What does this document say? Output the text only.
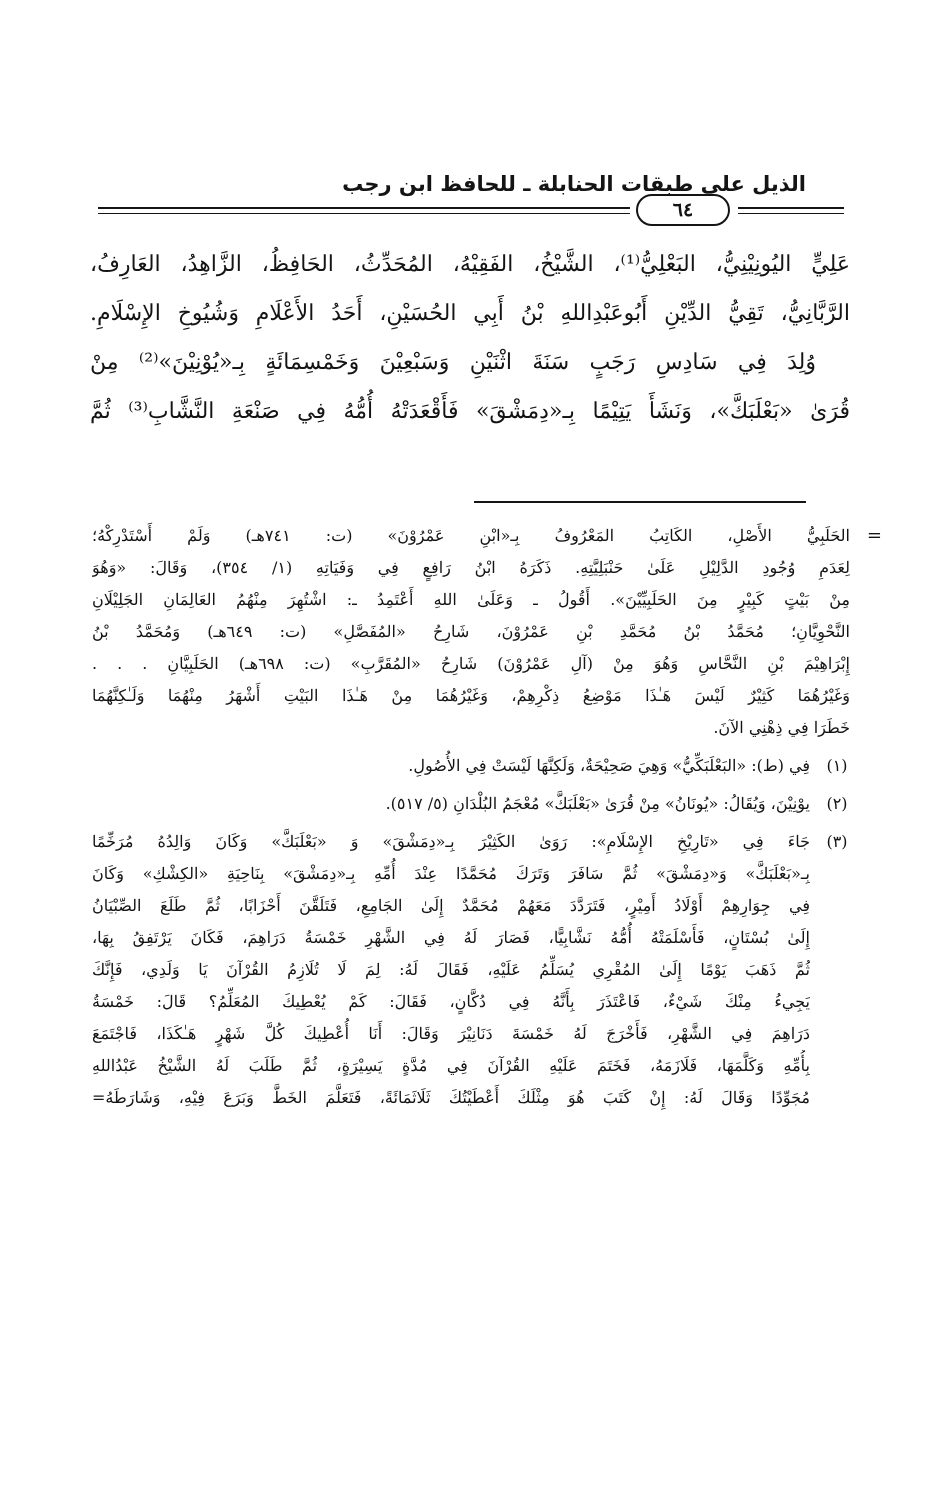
الذيل على طبقات الحنابلة ـ للحافظ ابن رجب
٦٤
عَلِيٍّ اليُونِيْنِيُّ، البَعْلِيُّ⁽¹⁾، الشَّيْخُ، الفَقِيْهُ، المُحَدِّثُ، الحَافِظُ، الزَّاهِدُ، العَارِفُ،
الرَّبَّانِيُّ، تَقِيُّ الدِّيْنِ أَبُوعَبْدِاللهِ بْنُ أَبِي الحُسَيْنِ، أَحَدُ الأَعْلَامِ وَشُيُوخِ الإِسْلَامِ.
وُلِدَ فِي سَادِسِ رَجَبٍ سَنَةَ اثْنَيْنِ وَسَبْعِيْنَ وَخَمْسِمَائَةٍ بِـ«يُوْنِيْنَ»⁽²⁾ مِنْ
قُرَىٰ «بَعْلَبَكَّ»، وَنَشَأَ يَتِيْمًا بِـ«دِمَشْقَ» فَأَقْعَدَتْهُ أُمُّهُ فِي صَنْعَةِ النَّشَّابِ⁽³⁾ ثُمَّ
=
الحَلَبِيُّ الأَصْلِ، الكَاتِبُ المَعْرُوفُ بِـ«ابْنِ عَمْرُوْنَ» (ت: ٧٤١هـ) وَلَمْ أَسْتَدْرِكْهُ؛
لِعَدَمِ وُجُودِ الدَّلِيْلِ عَلَىٰ حَنْبَلِيَّتِهِ. ذَكَرَهُ ابْنُ رَافِعٍ فِي وَفَيَاتِهِ (١/ ٣٥٤)، وَقَالَ: «وَهُوَ
مِنْ بَيْتٍ كَبِيْرٍ مِنَ الحَلَبِيِّيْنَ». أَقُولُ ـ وَعَلَىٰ اللهِ أَعْتَمِدُ ـ: اشْتُهِرَ مِنْهُمُ العَالِمَانِ الجَلِيْلَانِ
النَّحْوِيَّانِ؛ مُحَمَّدُ بْنُ مُحَمَّدِ بْنِ عَمْرُوْنَ، شَارِحُ «المُفَصَّلِ» (ت: ٦٤٩هـ) وَمُحَمَّدُ بْنُ
إِبْرَاهِيْمَ بْنِ النَّحَّاسِ وَهُوَ مِنْ (آلِ عَمْرُوْنَ) شَارِحُ «المُقَرَّبِ» (ت: ٦٩٨هـ) الحَلَبِيَّانِ . . .
وَغَيْرُهُمَا كَثِيْرٌ لَيْسَ هَـٰذَا مَوْضِعُ ذِكْرِهِمْ، وَغَيْرُهُمَا مِنْ هَـٰذَا البَيْتِ أَشْهَرُ مِنْهُمَا وَلَـٰكِنَّهُمَا
خَطَرَا فِي ذِهْنِي الآنَ.
(١)
فِي (ط): «البَعْلَبَكِّيُّ» وَهِيَ صَحِيْحَةٌ، وَلَكِنَّهَا لَيْسَتْ فِي الأُصُولِ.
(٢)
يوْنِيْنَ، وَيُقَالُ: «يُونَانُ» مِنْ قُرَىٰ «بَعْلَبَكَّ» مُعْجَمُ البُلْدَانِ (٥/ ٥١٧).
(٣)
جَاءَ فِي «تَارِيْخِ الإِسْلَامِ»: رَوَىٰ الكَثِيْرَ بِـ«دِمَشْقَ» وَ «بَعْلَبَكَّ» وَكَانَ وَالِدُهُ مُرَخِّمًا
بِـ«بَعْلَبَكَّ» وَ«دِمَشْقَ» ثُمَّ سَافَرَ وَتَرَكَ مُحَمَّدًا عِنْدَ أُمِّهِ بِـ«دِمَشْقَ» بِنَاحِيَةِ «الكِشْكِ» وَكَانَ
فِي جِوَارِهِمْ أَوْلَادُ أَمِيْرٍ، فَتَرَدَّدَ مَعَهُمْ مُحَمَّدٌ إِلَىٰ الجَامِعِ، فَتَلَقَّنَ أَحْزَابًا، ثُمَّ طَلَعَ الصِّبْيَانُ
إِلَىٰ بُسْتَانٍ، فَأَسْلَمَتْهُ أُمُّهُ نَشَّابِيًّا، فَصَارَ لَهُ فِي الشَّهْرِ خَمْسَةُ دَرَاهِمَ، فَكَانَ يَرْتَفِقُ بِهَا،
ثُمَّ ذَهَبَ يَوْمًا إِلَىٰ المُقْرِي يُسَلِّمُ عَلَيْهِ، فَقَالَ لَهُ: لِمَ لَا تُلَازِمُ القُرْآنَ يَا وَلَدِي، فَإِنَّكَ
يَجِيءُ مِنْكَ شَيْءٌ، فَاعْتَذَرَ بِأَنَّهُ فِي دُكَّانٍ، فَقَالَ: كَمْ يُعْطِيكَ المُعَلِّمُ؟ قَالَ: خَمْسَةُ
دَرَاهِمَ فِي الشَّهْرِ، فَأَخْرَجَ لَهُ خَمْسَةَ دَنَانِيْرَ وَقَالَ: أَنَا أُعْطِيكَ كُلَّ شَهْرٍ هَـٰكَذَا، فَاجْتَمَعَ
بِأُمِّهِ وَكَلَّمَهَا، فَلَازَمَهُ، فَخَتَمَ عَلَيْهِ القُرْآنَ فِي مُدَّةٍ يَسِيْرَةٍ، ثُمَّ طَلَبَ لَهُ الشَّيْخُ عَبْدُاللهِ
مُجَوِّدًا وَقَالَ لَهُ: إِنْ كَتَبَ هُوَ مِثْلَكَ أَعْطَيْتُكَ ثَلَاثَمَائَةً، فَتَعَلَّمَ الخَطَّ وَبَرَعَ فِيْهِ، وَشَارَطَهُ=
